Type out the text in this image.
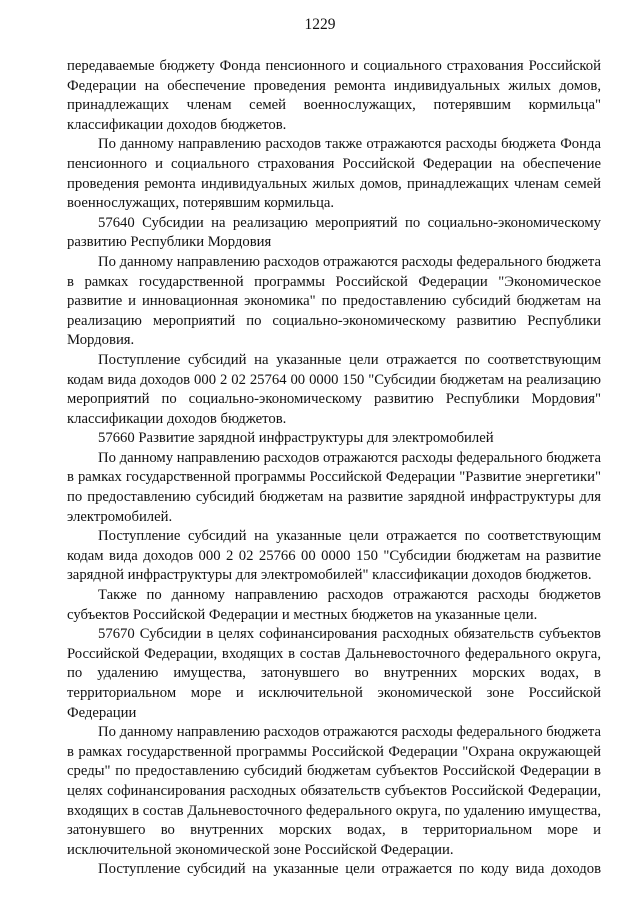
1229

передаваемые бюджету Фонда пенсионного и социального страхования Российской Федерации на обеспечение проведения ремонта индивидуальных жилых домов, принадлежащих членам семей военнослужащих, потерявшим кормильца" классификации доходов бюджетов.

По данному направлению расходов также отражаются расходы бюджета Фонда пенсионного и социального страхования Российской Федерации на обеспечение проведения ремонта индивидуальных жилых домов, принадлежащих членам семей военнослужащих, потерявшим кормильца.

57640 Субсидии на реализацию мероприятий по социально-экономическому развитию Республики Мордовия

По данному направлению расходов отражаются расходы федерального бюджета в рамках государственной программы Российской Федерации "Экономическое развитие и инновационная экономика" по предоставлению субсидий бюджетам на реализацию мероприятий по социально-экономическому развитию Республики Мордовия.

Поступление субсидий на указанные цели отражается по соответствующим кодам вида доходов 000 2 02 25764 00 0000 150 "Субсидии бюджетам на реализацию мероприятий по социально-экономическому развитию Республики Мордовия" классификации доходов бюджетов.

57660 Развитие зарядной инфраструктуры для электромобилей

По данному направлению расходов отражаются расходы федерального бюджета в рамках государственной программы Российской Федерации "Развитие энергетики" по предоставлению субсидий бюджетам на развитие зарядной инфраструктуры для электромобилей.

Поступление субсидий на указанные цели отражается по соответствующим кодам вида доходов 000 2 02 25766 00 0000 150 "Субсидии бюджетам на развитие зарядной инфраструктуры для электромобилей" классификации доходов бюджетов.

Также по данному направлению расходов отражаются расходы бюджетов субъектов Российской Федерации и местных бюджетов на указанные цели.

57670 Субсидии в целях софинансирования расходных обязательств субъектов Российской Федерации, входящих в состав Дальневосточного федерального округа, по удалению имущества, затонувшего во внутренних морских водах, в территориальном море и исключительной экономической зоне Российской Федерации

По данному направлению расходов отражаются расходы федерального бюджета в рамках государственной программы Российской Федерации "Охрана окружающей среды" по предоставлению субсидий бюджетам субъектов Российской Федерации в целях софинансирования расходных обязательств субъектов Российской Федерации, входящих в состав Дальневосточного федерального округа, по удалению имущества, затонувшего во внутренних морских водах, в территориальном море и исключительной экономической зоне Российской Федерации.

Поступление субсидий на указанные цели отражается по коду вида доходов
